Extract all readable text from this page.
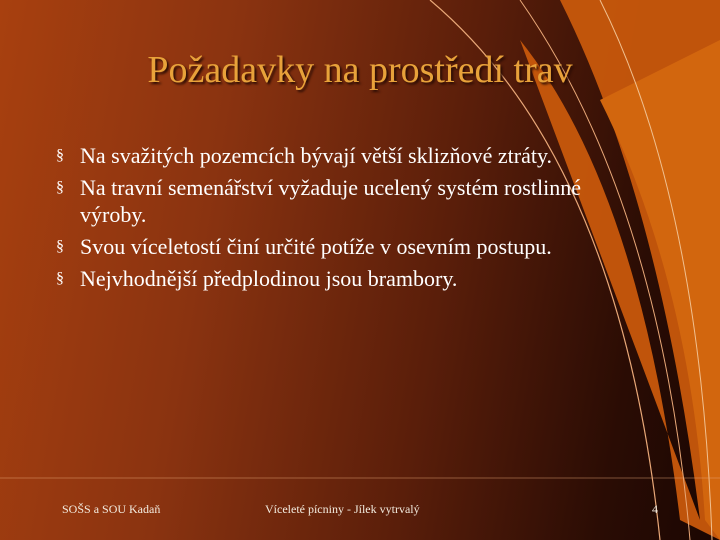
Požadavky na prostředí trav
§ Na svažitých pozemcích bývají větší sklizňové ztráty.
§ Na travní semenářství vyžaduje ucelený systém rostlinné výroby.
§ Svou víceletostí činí určité potíže v osevním postupu.
§ Nejvhodnější předplodinou jsou brambory.
SOŠS a SOU Kadaň	Víceleté pícniny - Jílek vytrvalý	4
